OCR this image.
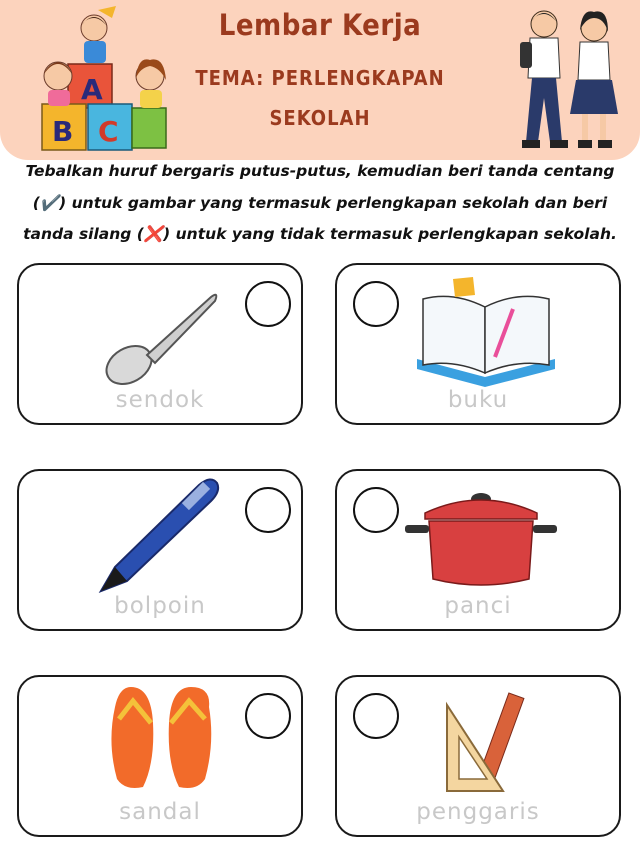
A
B C
Lembar Kerja
TEMA: PERLENGKAPAN
SEKOLAH
Tebalkan huruf bergaris putus-putus, kemudian beri tanda centang
(✔️) untuk gambar yang termasuk perlengkapan sekolah dan beri
tanda silang (❌) untuk yang tidak termasuk perlengkapan sekolah.
sendok	buku
bolpoin	panci
sandal	penggaris
